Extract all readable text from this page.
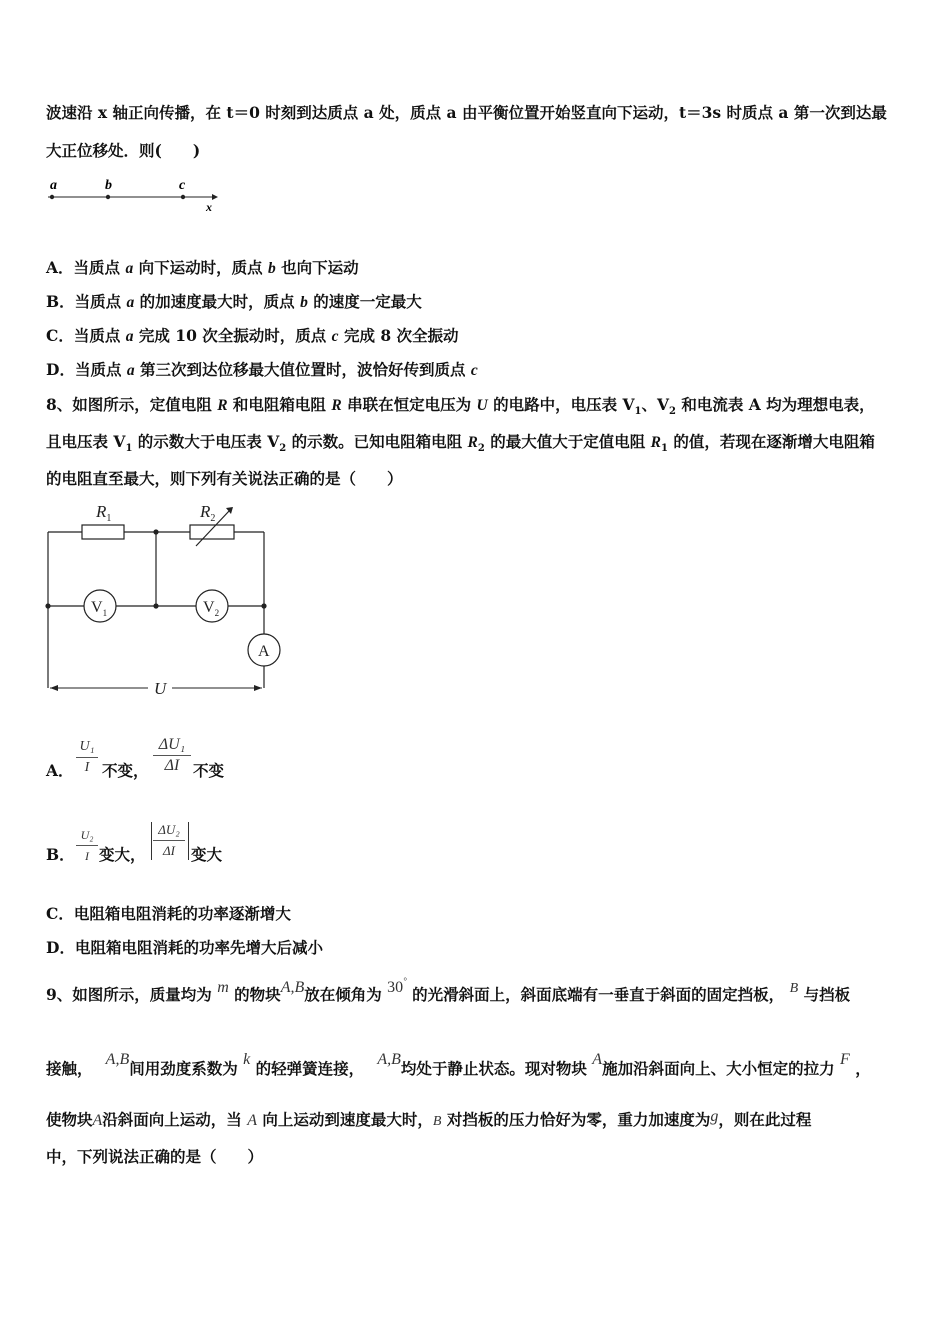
波速沿 x 轴正向传播，在 t＝0 时刻到达质点 a 处，质点 a 由平衡位置开始竖直向下运动，t＝3s 时质点 a 第一次到达最
大正位移处．则(　　)
a	b	c
x
A．当质点 a 向下运动时，质点 b 也向下运动
B．当质点 a 的加速度最大时，质点 b 的速度一定最大
C．当质点 a 完成 10 次全振动时，质点 c 完成 8 次全振动
D．当质点 a 第三次到达位移最大值位置时，波恰好传到质点 c
8、如图所示，定值电阻 R 和电阻箱电阻 R 串联在恒定电压为 U 的电路中，电压表 $V_1$、$V_2$ 和电流表 A 均为理想电表，
且电压表 $V_1$ 的示数大于电压表 $V_2$ 的示数。已知电阻箱电阻 $R_2$ 的最大值大于定值电阻 $R_1$ 的值，若现在逐渐增大电阻箱
的电阻直至最大，则下列有关说法正确的是（　　）
$R_1$	$R_2$
U
$V_1$	$V_2$
A
A．
U₁
I 不变，
ΔU₁
ΔI 不变
B．
U₂
I 变大，
ΔU₂
ΔI	变大
C．电阻箱电阻消耗的功率逐渐增大
D．电阻箱电阻消耗的功率先增大后减小
9、如图所示，质量均为 m 的物块A,B放在倾角为 30° 的光滑斜面上，斜面底端有一垂直于斜面的固定挡板， B 与挡板
接触，　 A,B间用劲度系数为 k 的轻弹簧连接，　 A,B均处于静止状态。现对物块 A施加沿斜面向上、大小恒定的拉力 F ，
使物块A沿斜面向上运动，当 A 向上运动到速度最大时，B 对挡板的压力恰好为零，重力加速度为g，则在此过程
中，下列说法正确的是（　　）
